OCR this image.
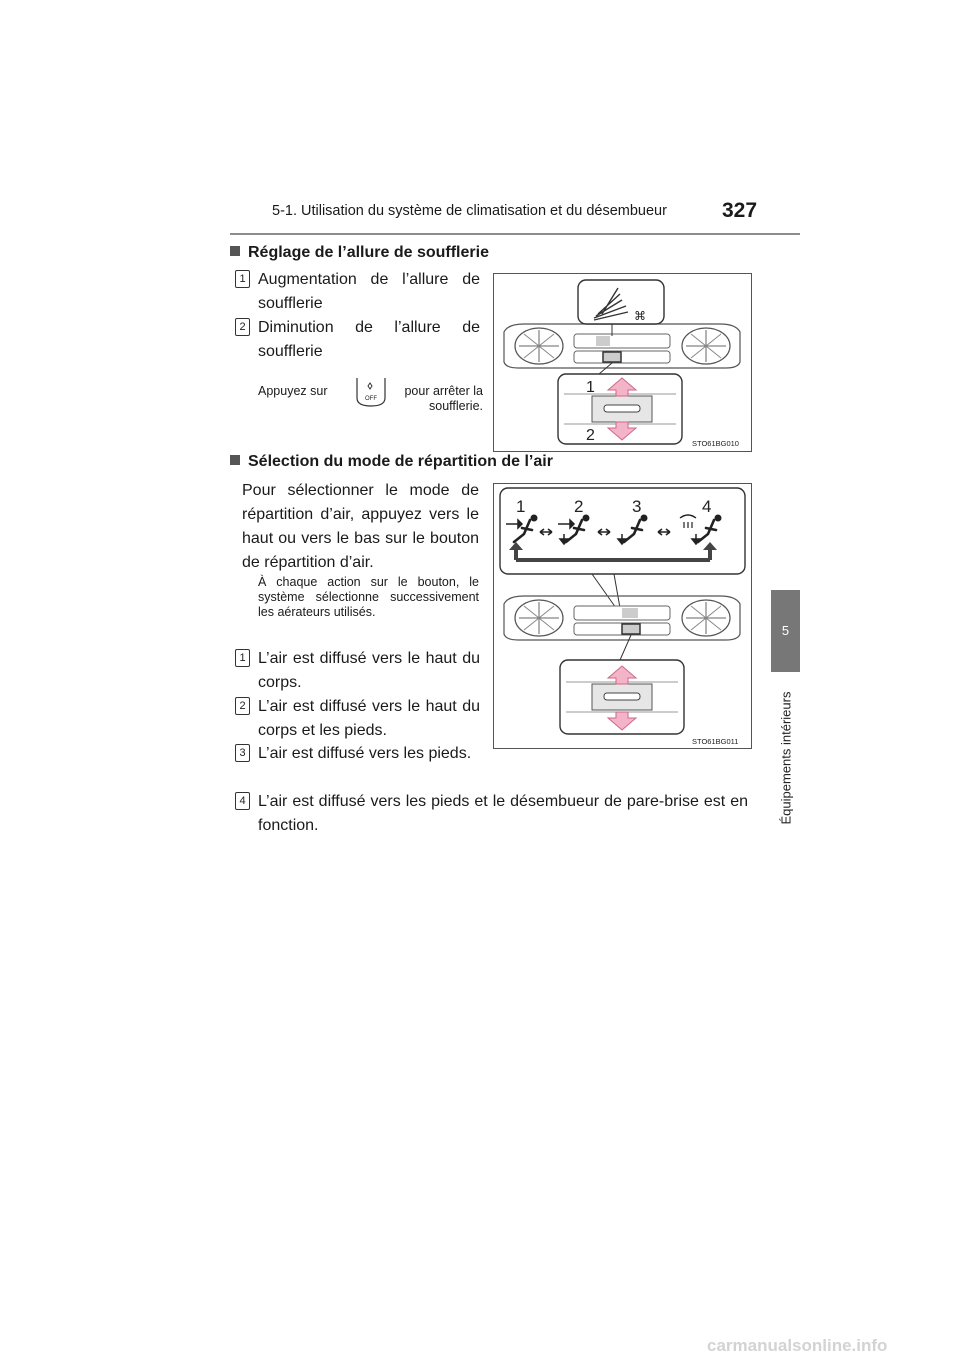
5-1. Utilisation du système de climatisation et du désembueur	327
5
Équipements intérieurs
Réglage de l’allure de soufflerie
1 Augmentation de l’allure de soufflerie
2 Diminution de l’allure de soufflerie
Appuyez sur
OFF
pour arrêter la soufflerie.
⌘
1
2	STO61BG010
Sélection du mode de répartition de l’air
Pour sélectionner le mode de répartition d’air, appuyez vers le haut ou vers le bas sur le bouton de répartition d’air.
À chaque action sur le bouton, le système sélectionne successivement les aérateurs utilisés.
1 L’air est diffusé vers le haut du corps.
2 L’air est diffusé vers le haut du corps et les pieds.
3 L’air est diffusé vers les pieds.
4 L’air est diffusé vers les pieds et le désembueur de pare-brise est en fonction.
1	2	3	4
STO61BG011
carmanualsonline.info
